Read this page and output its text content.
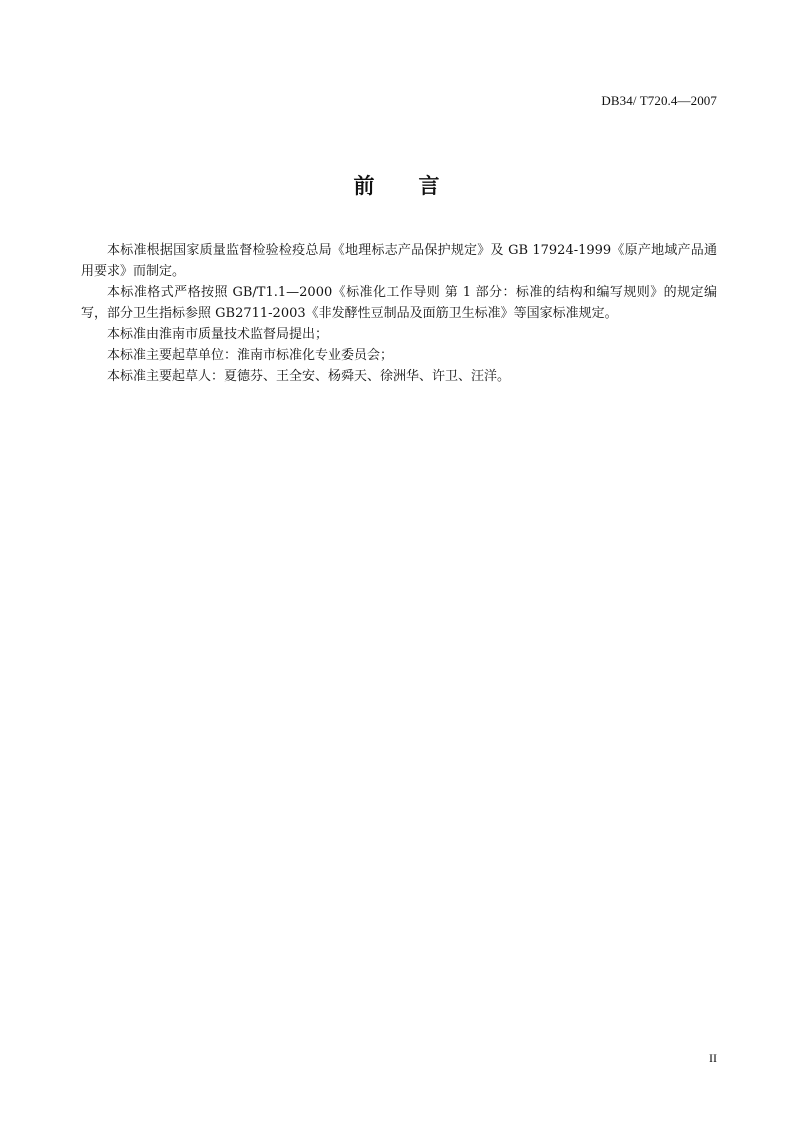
DB34/ T720.4—2007
前 言

本标准根据国家质量监督检验检疫总局《地理标志产品保护规定》及 GB 17924-1999《原产地域产品通用要求》而制定。

本标准格式严格按照 GB/T1.1—2000《标准化工作导则 第 1 部分：标准的结构和编写规则》的规定编写，部分卫生指标参照 GB2711-2003《非发酵性豆制品及面筋卫生标准》等国家标准规定。

本标准由淮南市质量技术监督局提出；

本标准主要起草单位：淮南市标准化专业委员会；

本标准主要起草人：夏德芬、王全安、杨舜天、徐洲华、许卫、汪洋。

II
